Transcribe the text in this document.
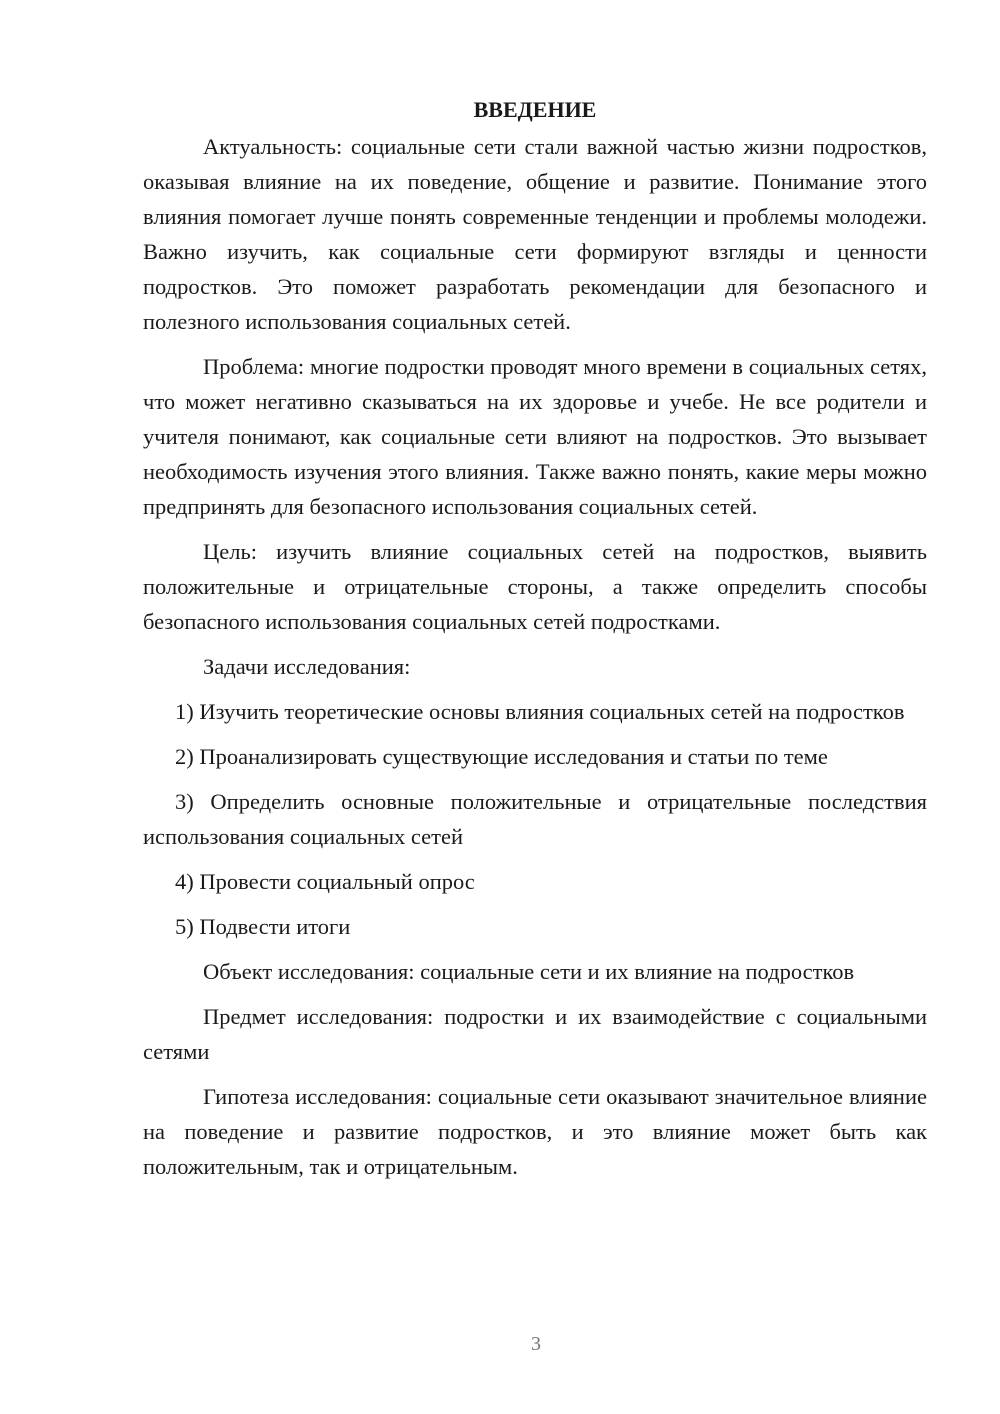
ВВЕДЕНИЕ

Актуальность: социальные сети стали важной частью жизни подростков, оказывая влияние на их поведение, общение и развитие. Понимание этого влияния помогает лучше понять современные тенденции и проблемы молодежи. Важно изучить, как социальные сети формируют взгляды и ценности подростков. Это поможет разработать рекомендации для безопасного и полезного использования социальных сетей.

Проблема: многие подростки проводят много времени в социальных сетях, что может негативно сказываться на их здоровье и учебе. Не все родители и учителя понимают, как социальные сети влияют на подростков. Это вызывает необходимость изучения этого влияния. Также важно понять, какие меры можно предпринять для безопасного использования социальных сетей.

Цель: изучить влияние социальных сетей на подростков, выявить положительные и отрицательные стороны, а также определить способы безопасного использования социальных сетей подростками.

Задачи исследования:

1) Изучить теоретические основы влияния социальных сетей на подростков

2) Проанализировать существующие исследования и статьи по теме

3) Определить основные положительные и отрицательные последствия использования социальных сетей

4) Провести социальный опрос

5) Подвести итоги

Объект исследования: социальные сети и их влияние на подростков

Предмет исследования: подростки и их взаимодействие с социальными сетями

Гипотеза исследования: социальные сети оказывают значительное влияние на поведение и развитие подростков, и это влияние может быть как положительным, так и отрицательным.

3
